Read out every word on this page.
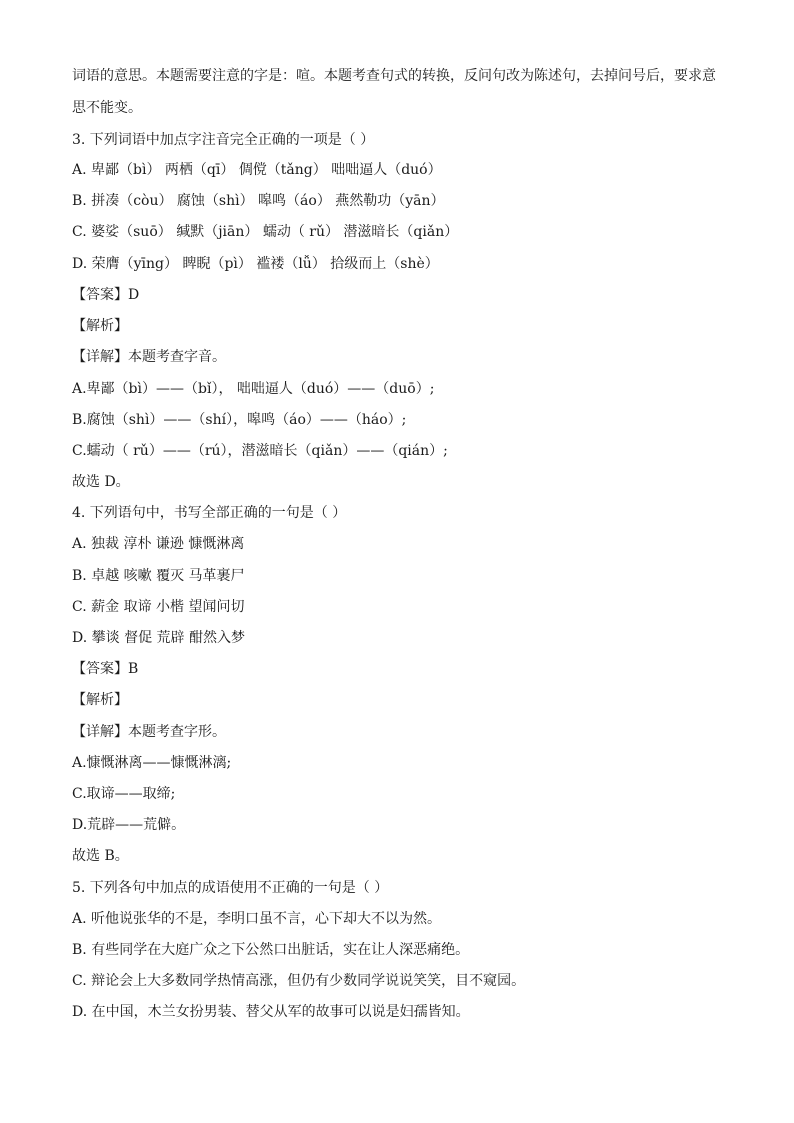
词语的意思。本题需要注意的字是：喧。本题考查句式的转换，反问句改为陈述句，去掉问号后，要求意
思不能变。
3. 下列词语中加点字注音完全正确的一项是（ ）
A. 卑鄙（bì） 两栖（qī） 倜傥（tǎng） 咄咄逼人（duó）
B. 拼凑（còu） 腐蚀（shì） 嗥鸣（áo） 燕然勒功（yān）
C. 婆娑（suō） 缄默（jiān） 蠕动（ rǔ） 潜滋暗长（qiǎn）
D. 荣膺（yīng） 睥睨（pì） 褴褛（lǚ） 拾级而上（shè）
【答案】D
【解析】
【详解】本题考查字音。
A.卑鄙（bì）——（bǐ）， 咄咄逼人（duó）——（duō）;
B.腐蚀（shì）——（shí），嗥鸣（áo）——（háo）;
C.蠕动（ rǔ）——（rú），潜滋暗长（qiǎn）——（qián）;
故选 D。
4. 下列语句中，书写全部正确的一句是（ ）
A. 独裁 淳朴 谦逊 慷慨淋离
B. 卓越 咳嗽 覆灭 马革裹尸
C. 薪金 取谛 小楷 望闻问切
D. 攀谈 督促 荒辟 酣然入梦
【答案】B
【解析】
【详解】本题考查字形。
A.慷慨淋离——慷慨淋漓;
C.取谛——取缔;
D.荒辟——荒僻。
故选 B。
5. 下列各句中加点的成语使用不正确的一句是（ ）
A. 听他说张华的不是，李明口虽不言，心下却大不以为然。
B. 有些同学在大庭广众之下公然口出脏话，实在让人深恶痛绝。
C. 辩论会上大多数同学热情高涨，但仍有少数同学说说笑笑，目不窥园。
D. 在中国，木兰女扮男装、替父从军的故事可以说是妇孺皆知。
